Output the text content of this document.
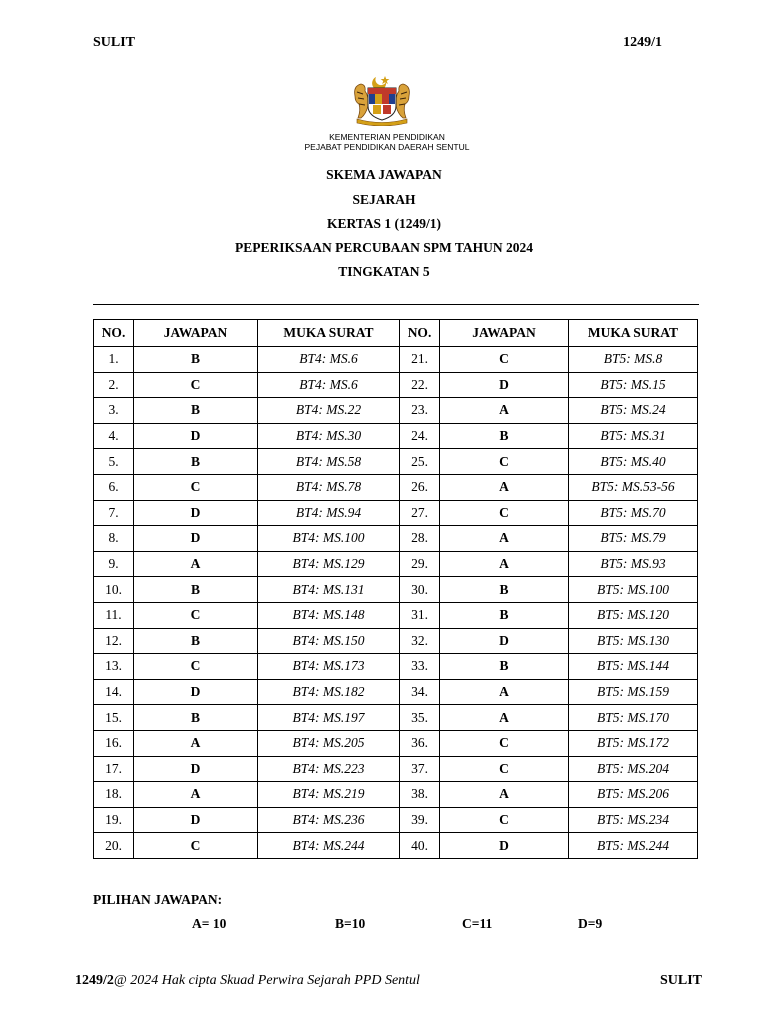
SULIT	1249/1
KEMENTERIAN PENDIDIKAN
PEJABAT PENDIDIKAN DAERAH SENTUL
SKEMA JAWAPAN
SEJARAH
KERTAS 1 (1249/1)
PEPERIKSAAN PERCUBAAN SPM TAHUN 2024
TINGKATAN 5
NO.	JAWAPAN	MUKA SURAT	NO.	JAWAPAN	MUKA SURAT
1.	B	BT4: MS.6	21.	C	BT5: MS.8
2.	C	BT4: MS.6	22.	D	BT5: MS.15
3.	B	BT4: MS.22	23.	A	BT5: MS.24
4.	D	BT4: MS.30	24.	B	BT5: MS.31
5.	B	BT4: MS.58	25.	C	BT5: MS.40
6.	C	BT4: MS.78	26.	A	BT5: MS.53-56
7.	D	BT4: MS.94	27.	C	BT5: MS.70
8.	D	BT4: MS.100	28.	A	BT5: MS.79
9.	A	BT4: MS.129	29.	A	BT5: MS.93
10.	B	BT4: MS.131	30.	B	BT5: MS.100
11.	C	BT4: MS.148	31.	B	BT5: MS.120
12.	B	BT4: MS.150	32.	D	BT5: MS.130
13.	C	BT4: MS.173	33.	B	BT5: MS.144
14.	D	BT4: MS.182	34.	A	BT5: MS.159
15.	B	BT4: MS.197	35.	A	BT5: MS.170
16.	A	BT4: MS.205	36.	C	BT5: MS.172
17.	D	BT4: MS.223	37.	C	BT5: MS.204
18.	A	BT4: MS.219	38.	A	BT5: MS.206
19.	D	BT4: MS.236	39.	C	BT5: MS.234
20.	C	BT4: MS.244	40.	D	BT5: MS.244
PILIHAN JAWAPAN:
A= 10	B=10	C=11	D=9
1249/2@ 2024 Hak cipta Skuad Perwira Sejarah PPD Sentul	SULIT
